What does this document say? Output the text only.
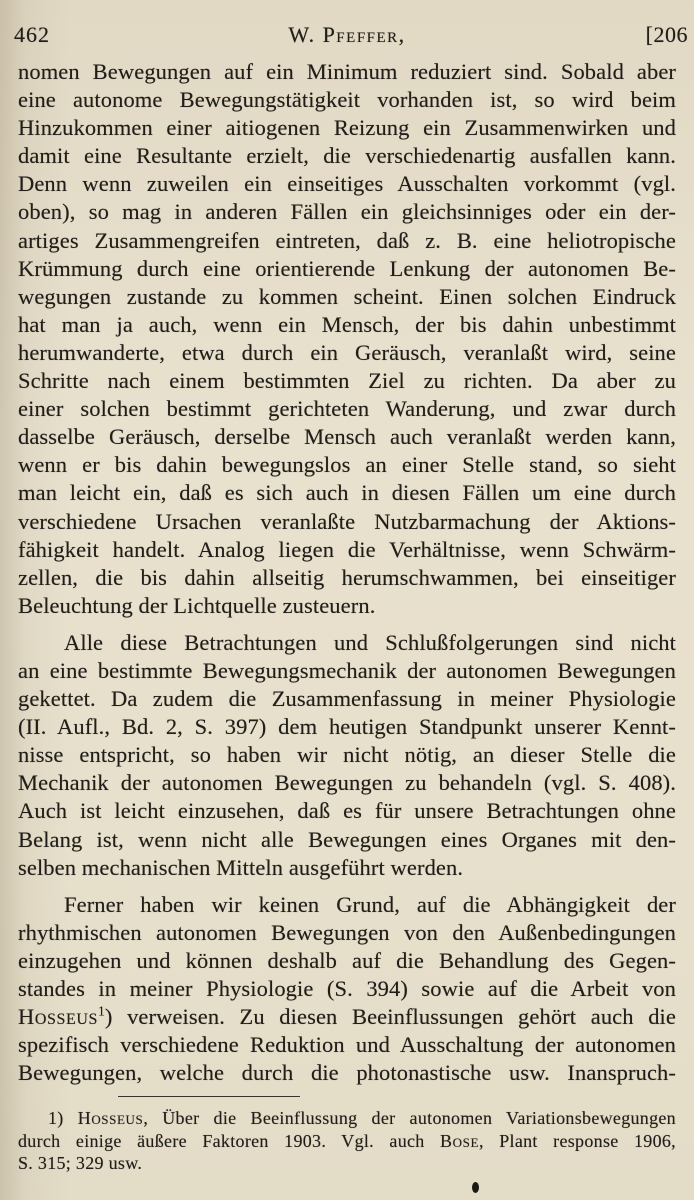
462	W. Pfeffer,	[206
nomen Bewegungen auf ein Minimum reduziert sind. Sobald aber
eine autonome Bewegungstätigkeit vorhanden ist, so wird beim
Hinzukommen einer aitiogenen Reizung ein Zusammenwirken und
damit eine Resultante erzielt, die verschiedenartig ausfallen kann.
Denn wenn zuweilen ein einseitiges Ausschalten vorkommt (vgl.
oben), so mag in anderen Fällen ein gleichsinniges oder ein der-
artiges Zusammengreifen eintreten, daß z. B. eine heliotropische
Krümmung durch eine orientierende Lenkung der autonomen Be-
wegungen zustande zu kommen scheint. Einen solchen Eindruck
hat man ja auch, wenn ein Mensch, der bis dahin unbestimmt
herumwanderte, etwa durch ein Geräusch, veranlaßt wird, seine
Schritte nach einem bestimmten Ziel zu richten. Da aber zu
einer solchen bestimmt gerichteten Wanderung, und zwar durch
dasselbe Geräusch, derselbe Mensch auch veranlaßt werden kann,
wenn er bis dahin bewegungslos an einer Stelle stand, so sieht
man leicht ein, daß es sich auch in diesen Fällen um eine durch
verschiedene Ursachen veranlaßte Nutzbarmachung der Aktions-
fähigkeit handelt. Analog liegen die Verhältnisse, wenn Schwärm-
zellen, die bis dahin allseitig herumschwammen, bei einseitiger
Beleuchtung der Lichtquelle zusteuern.
Alle diese Betrachtungen und Schlußfolgerungen sind nicht
an eine bestimmte Bewegungsmechanik der autonomen Bewegungen
gekettet. Da zudem die Zusammenfassung in meiner Physiologie
(II. Aufl., Bd. 2, S. 397) dem heutigen Standpunkt unserer Kennt-
nisse entspricht, so haben wir nicht nötig, an dieser Stelle die
Mechanik der autonomen Bewegungen zu behandeln (vgl. S. 408).
Auch ist leicht einzusehen, daß es für unsere Betrachtungen ohne
Belang ist, wenn nicht alle Bewegungen eines Organes mit den-
selben mechanischen Mitteln ausgeführt werden.
Ferner haben wir keinen Grund, auf die Abhängigkeit der
rhythmischen autonomen Bewegungen von den Außenbedingungen
einzugehen und können deshalb auf die Behandlung des Gegen-
standes in meiner Physiologie (S. 394) sowie auf die Arbeit von
Hosseus$^1$) verweisen. Zu diesen Beeinflussungen gehört auch die
spezifisch verschiedene Reduktion und Ausschaltung der autonomen
Bewegungen, welche durch die photonastische usw. Inanspruch-
1) Hosseus, Über die Beeinflussung der autonomen Variationsbewegungen
durch einige äußere Faktoren 1903. Vgl. auch Bose, Plant response 1906,
S. 315; 329 usw.
